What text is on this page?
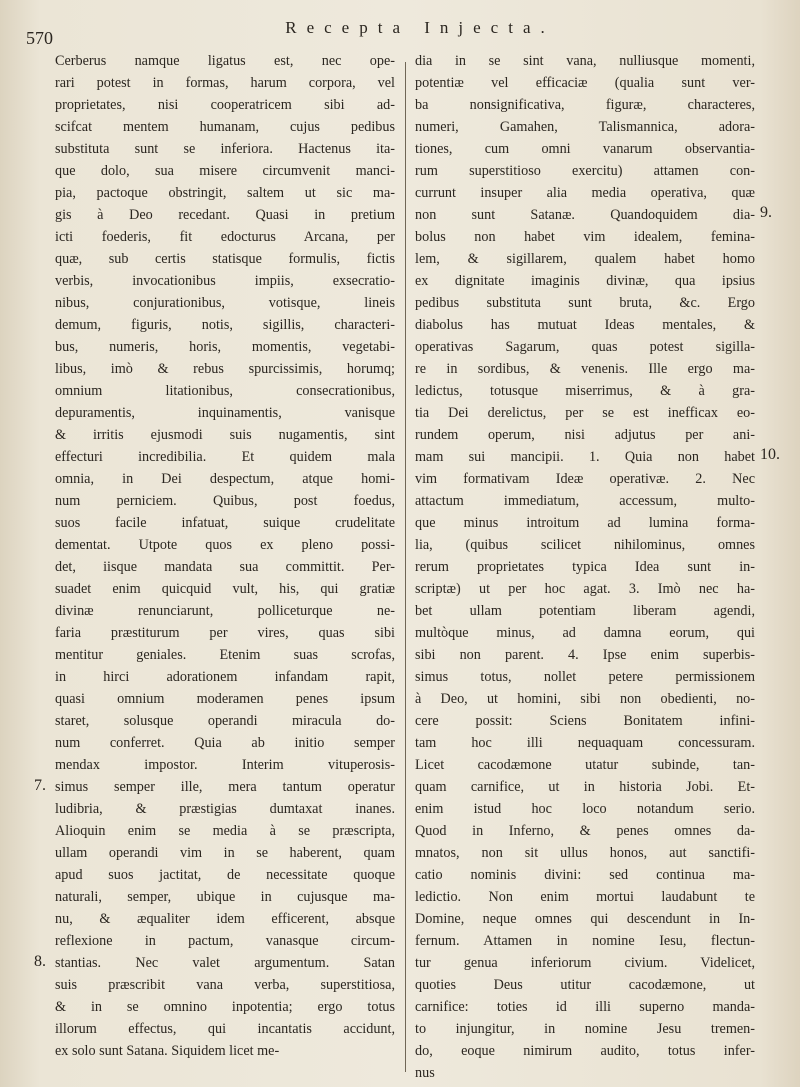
570
Recepta Injecta.
Cerberus namque ligatus est, nec ope-
rari potest in formas, harum corpora, vel
proprietates, nisi cooperatricem sibi ad-
scifcat mentem humanam, cujus pedibus
substituta sunt se inferiora. Hactenus ita-
que dolo, sua misere circumvenit manci-
pia, pactoque obstringit, saltem ut sic ma-
gis à Deo recedant. Quasi in pretium
icti foederis, fit edocturus Arcana, per
quæ, sub certis statisque formulis, fictis
verbis, invocationibus impiis, exsecratio-
nibus, conjurationibus, votisque, lineis
demum, figuris, notis, sigillis, characteri-
bus, numeris, horis, momentis, vegetabi-
libus, imò & rebus spurcissimis, horumq;
omnium litationibus, consecrationibus,
depuramentis, inquinamentis, vanisque
& irritis ejusmodi suis nugamentis, sint
effecturi incredibilia. Et quidem mala
omnia, in Dei despectum, atque homi-
num perniciem. Quibus, post foedus,
suos facile infatuat, suique crudelitate
dementat. Utpote quos ex pleno possi-
det, iisque mandata sua committit. Per-
suadet enim quicquid vult, his, qui gratiæ
divinæ renunciarunt, polliceturque ne-
faria præstiturum per vires, quas sibi
mentitur geniales. Etenim suas scrofas,
in hirci adorationem infandam rapit,
quasi omnium moderamen penes ipsum
staret, solusque operandi miracula do-
num conferret. Quia ab initio semper
mendax impostor. Interim vituperosis-
simus semper ille, mera tantum operatur
ludibria, & præstigias dumtaxat inanes.
Alioquin enim se media à se præscripta,
ullam operandi vim in se haberent, quam
apud suos jactitat, de necessitate quoque
naturali, semper, ubique in cujusque ma-
nu, & æqualiter idem efficerent, absque
reflexione in pactum, vanasque circum-
stantias. Nec valet argumentum. Satan
suis præscribit vana verba, superstitiosa,
& in se omnino inpotentia; ergo totus
illorum effectus, qui incantatis accidunt,
ex solo sunt Satana. Siquidem licet me-
dia in se sint vana, nulliusque momenti,
potentiæ vel efficaciæ (qualia sunt ver-
ba nonsignificativa, figuræ, characteres,
numeri, Gamahen, Talismannica, adora-
tiones, cum omni vanarum observantia-
rum superstitioso exercitu) attamen con-
currunt insuper alia media operativa, quæ
non sunt Satanæ. Quandoquidem dia-
bolus non habet vim idealem, femina-
lem, & sigillarem, qualem habet homo
ex dignitate imaginis divinæ, qua ipsius
pedibus substituta sunt bruta, &c. Ergo
diabolus has mutuat Ideas mentales, &
operativas Sagarum, quas potest sigilla-
re in sordibus, & venenis. Ille ergo ma-
ledictus, totusque miserrimus, & à gra-
tia Dei derelictus, per se est inefficax eo-
rundem operum, nisi adjutus per ani-
mam sui mancipii. 1. Quia non habet
vim formativam Ideæ operativæ. 2. Nec
attactum immediatum, accessum, multo-
que minus introitum ad lumina forma-
lia, (quibus scilicet nihilominus, omnes
rerum proprietates typica Idea sunt in-
scriptæ) ut per hoc agat. 3. Imò nec ha-
bet ullam potentiam liberam agendi,
multòque minus, ad damna eorum, qui
sibi non parent. 4. Ipse enim superbis-
simus totus, nollet petere permissionem
à Deo, ut homini, sibi non obedienti, no-
cere possit: Sciens Bonitatem infini-
tam hoc illi nequaquam concessuram.
Licet cacodæmone utatur subinde, tan-
quam carnifice, ut in historia Jobi. Et-
enim istud hoc loco notandum serio.
Quod in Inferno, & penes omnes da-
mnatos, non sit ullus honos, aut sanctifi-
catio nominis divini: sed continua ma-
ledictio. Non enim mortui laudabunt te
Domine, neque omnes qui descendunt in In-
fernum. Attamen in nomine Iesu, flectun-
tur genua inferiorum civium. Videlicet,
quoties Deus utitur cacodæmone, ut
carnifice: toties id illi superno manda-
to injungitur, in nomine Jesu tremen-
do, eoque nimirum audito, totus infer-
nus
7.
8.
9.
10.
